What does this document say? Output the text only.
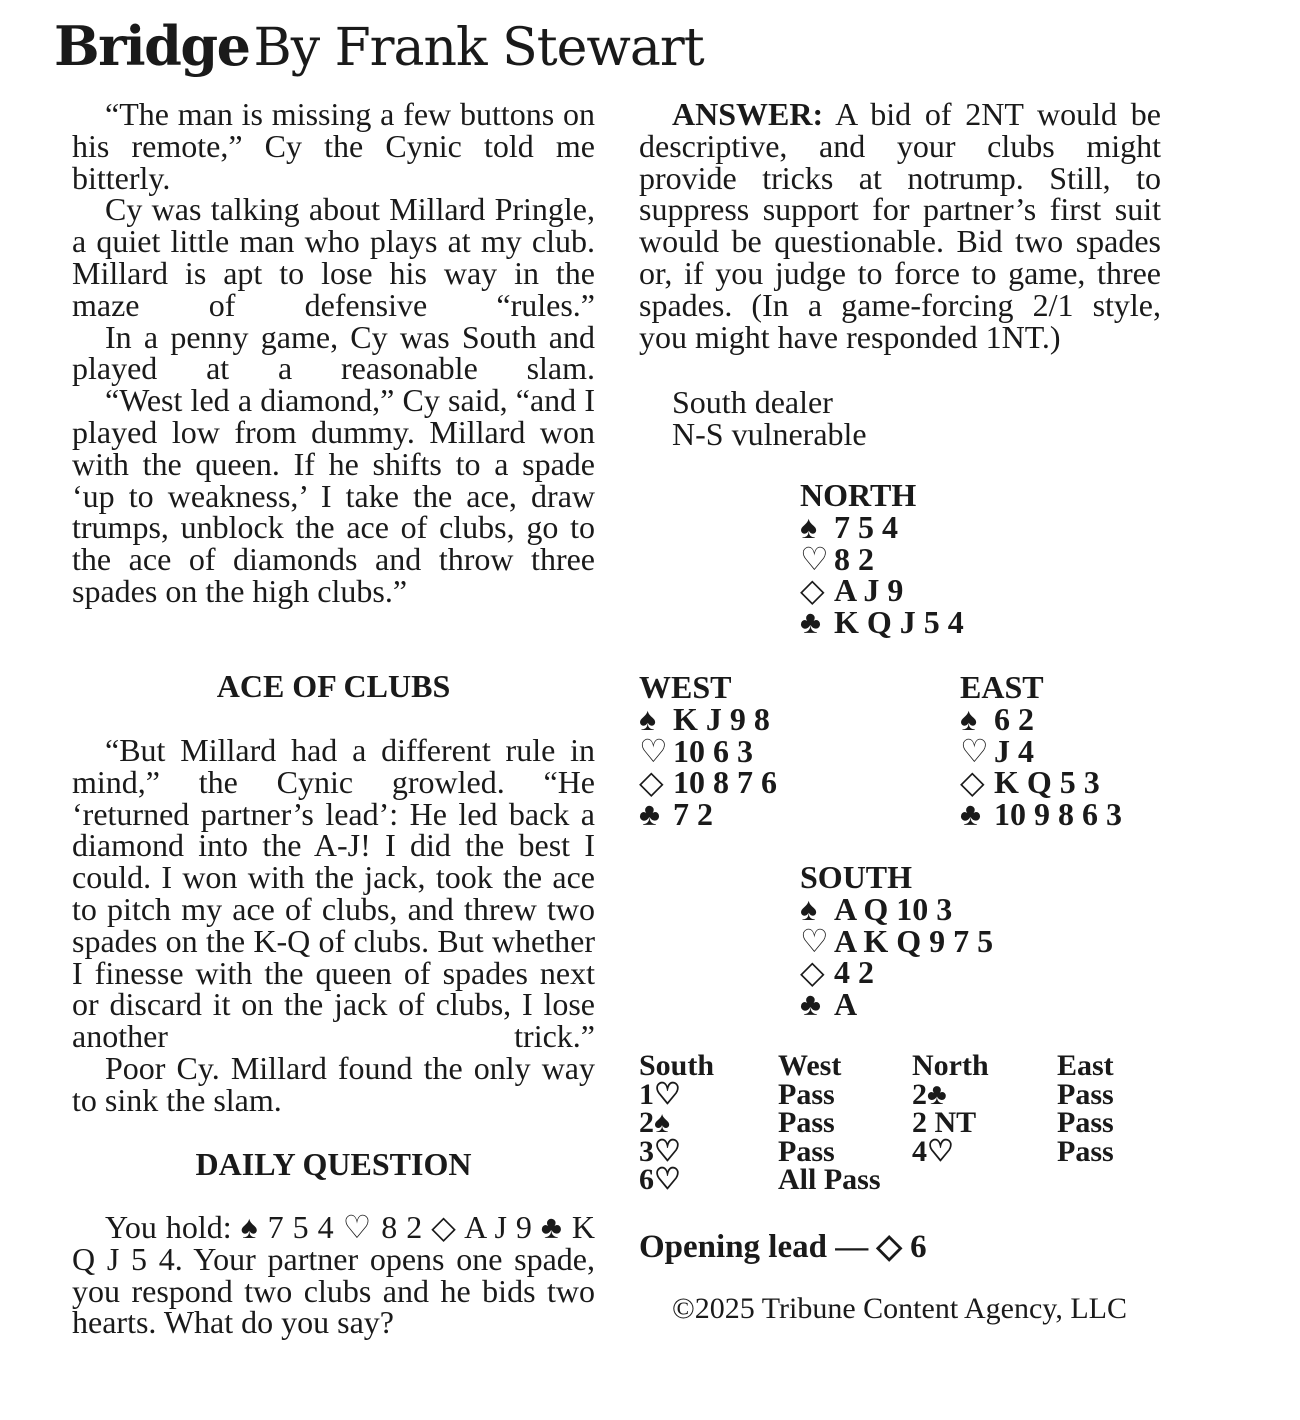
Bridge By Frank Stewart

“The man is missing a few buttons on his remote,” Cy the Cynic told me bitterly.

Cy was talking about Millard Pringle, a quiet little man who plays at my club. Millard is apt to lose his way in the maze of defensive “rules.”

In a penny game, Cy was South and played at a reasonable slam.

“West led a diamond,” Cy said, “and I played low from dummy. Millard won with the queen. If he shifts to a spade ‘up to weakness,’ I take the ace, draw trumps, unblock the ace of clubs, go to the ace of diamonds and throw three spades on the high clubs.”

ACE OF CLUBS

“But Millard had a different rule in mind,” the Cynic growled. “He ‘returned partner’s lead’: He led back a diamond into the A-J! I did the best I could. I won with the jack, took the ace to pitch my ace of clubs, and threw two spades on the K-Q of clubs. But whether I finesse with the queen of spades next or discard it on the jack of clubs, I lose another trick.”

Poor Cy. Millard found the only way to sink the slam.

DAILY QUESTION

You hold: ♠ 7 5 4 ♡ 8 2 ◇ A J 9 ♣ K Q J 5 4. Your partner opens one spade, you respond two clubs and he bids two hearts. What do you say?

ANSWER: A bid of 2NT would be descriptive, and your clubs might provide tricks at notrump. Still, to suppress support for partner’s first suit would be questionable. Bid two spades or, if you judge to force to game, three spades. (In a game-forcing 2/1 style, you might have responded 1NT.)

South dealer
N-S vulnerable
NORTH
♠ 7 5 4
♡ 8 2
◇ A J 9
♣ K Q J 5 4
WEST
♠ K J 9 8
♡ 10 6 3
◇ 10 8 7 6
♣ 7 2
EAST
♠ 6 2
♡ J 4
◇ K Q 5 3
♣ 10 9 8 6 3
SOUTH
♠ A Q 10 3
♡ A K Q 9 7 5
◇ 4 2
♣ A
South West North East
1♡	Pass	2♣	Pass
2♠	Pass	2 NT	Pass
3♡	Pass	4♡	Pass
6♡	All Pass
Opening lead — ◇ 6
©2025 Tribune Content Agency, LLC
